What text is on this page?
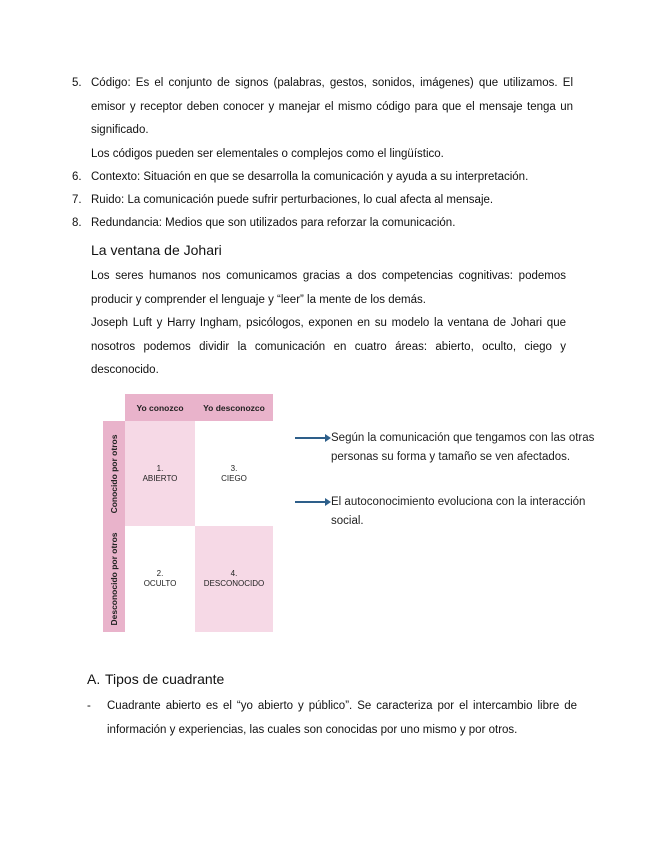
5. Código: Es el conjunto de signos (palabras, gestos, sonidos, imágenes) que utilizamos. El emisor y receptor deben conocer y manejar el mismo código para que el mensaje tenga un significado.
Los códigos pueden ser elementales o complejos como el lingüístico.
6. Contexto: Situación en que se desarrolla la comunicación y ayuda a su interpretación.
7. Ruido: La comunicación puede sufrir perturbaciones, lo cual afecta al mensaje.
8. Redundancia: Medios que son utilizados para reforzar la comunicación.
La ventana de Johari
Los seres humanos nos comunicamos gracias a dos competencias cognitivas: podemos producir y comprender el lenguaje y “leer” la mente de los demás.
Joseph Luft y Harry Ingham, psicólogos, exponen en su modelo la ventana de Johari que nosotros podemos dividir la comunicación en cuatro áreas: abierto, oculto, ciego y desconocido.
Yo conozco	Yo desconozco
Conocido por otros
Desconocido por otros
1.
ABIERTO
3.
CIEGO
2.
OCULTO
4.
DESCONOCIDO
Según la comunicación que tengamos con las otras personas su forma y tamaño se ven afectados.
El autoconocimiento evoluciona con la interacción social.
A. Tipos de cuadrante
- Cuadrante abierto es el “yo abierto y público”. Se caracteriza por el intercambio libre de información y experiencias, las cuales son conocidas por uno mismo y por otros.
